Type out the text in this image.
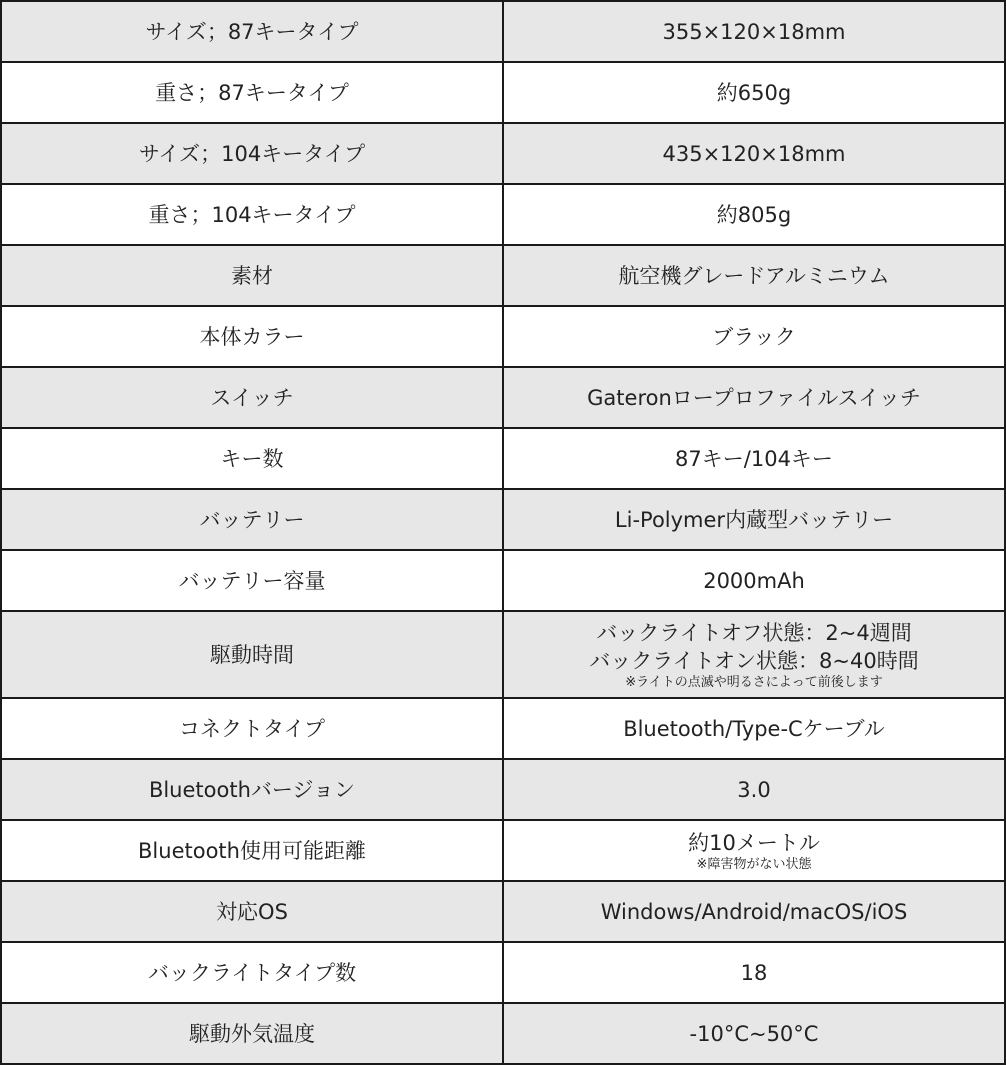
サイズ；87キータイプ	355×120×18mm
重さ；87キータイプ	約650g
サイズ；104キータイプ	435×120×18mm
重さ；104キータイプ	約805g
素材	航空機グレードアルミニウム
本体カラー	ブラック
スイッチ	Gateronロープロファイルスイッチ
キー数	87キー/104キー
バッテリー	Li-Polymer内蔵型バッテリー
バッテリー容量	2000mAh
駆動時間	バックライトオフ状態：2~4週間
バックライトオン状態：8~40時間
※ライトの点滅や明るさによって前後します

コネクトタイプ	Bluetooth/Type-Cケーブル
Bluetoothバージョン	3.0
Bluetooth使用可能距離	約10メートル
※障害物がない状態

対応OS	Windows/Android/macOS/iOS
バックライトタイプ数	18
駆動外気温度	-10°C~50°C
